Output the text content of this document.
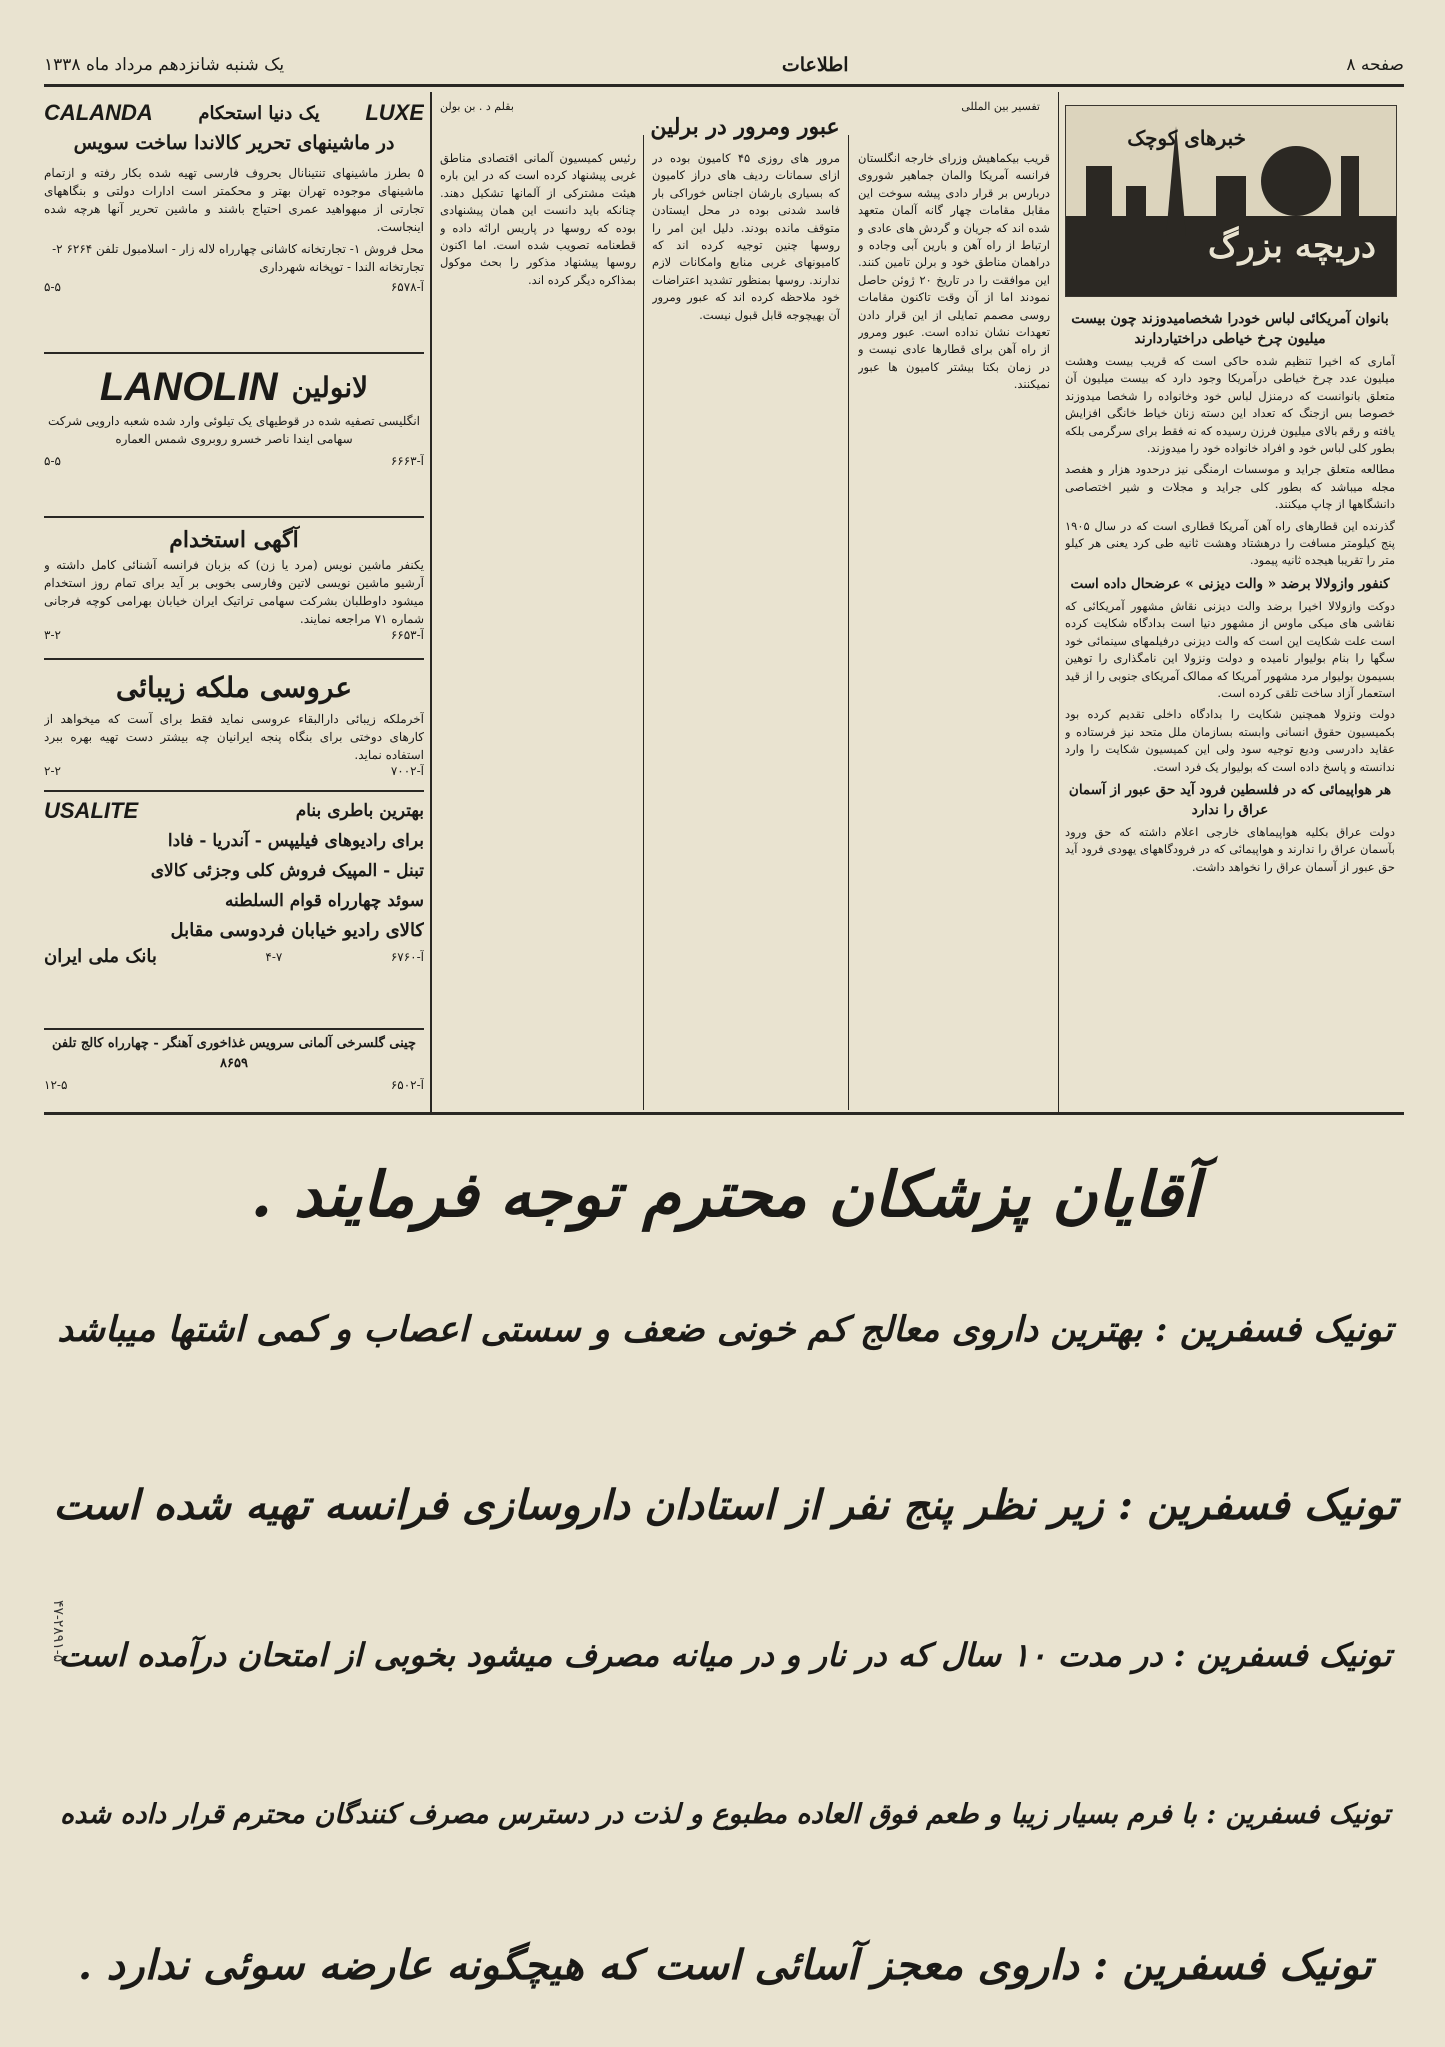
صفحه ۸
اطلاعات
یک شنبه شانزدهم مرداد ماه ۱۳۳۸
خبرهای کوچک
دریچه بزرگ
بانوان آمریکائی لباس خودرا شخصامیدوزند چون بیست میلیون چرخ خیاطی دراختیاردارند

آماری که اخیرا تنظیم شده حاکی است که قریب بیست وهشت میلیون عدد چرخ خیاطی درآمریکا وجود دارد که بیست میلیون آن متعلق بانوانست که درمنزل لباس خود وخانواده را شخصا میدوزند خصوصا بس ازجنگ که تعداد این دسته زنان خیاط خانگی افزایش یافته و رقم بالای میلیون فرزن رسیده که نه فقط برای سرگرمی بلکه بطور کلی لباس خود و افراد خانواده خود را میدوزند.

مطالعه متعلق جراید و موسسات ارمنگی نیز درحدود هزار و هفصد مجله میباشد که بطور کلی جراید و مجلات و شیر اختصاصی دانشگاهها از چاپ میکنند.

گذرنده این قطارهای راه آهن آمریکا قطاری است که در سال ۱۹۰۵ پنج کیلومتر مسافت را درهشتاد وهشت ثانیه طی کرد یعنی هر کیلو متر را تقریبا هیجده ثانیه پیمود.

کنفور وازولالا برضد « والت دیزنی » عرضحال داده است

دوکت وازولالا اخیرا برضد والت دیزنی نقاش مشهور آمریکائی که نقاشی های میکی ماوس از مشهور دنیا است بدادگاه شکایت کرده است علت شکایت این است که والت دیزنی درفیلمهای سینمائی خود سگها را بنام بولیوار نامیده و دولت ونزولا این نامگذاری را توهین بسیمون بولیوار مرد مشهور آمریکا که ممالک آمریکای جنوبی را از قید استعمار آزاد ساخت تلقی کرده است.

دولت ونزولا همچنین شکایت را بدادگاه داخلی تقدیم کرده بود بکمیسیون حقوق انسانی وابسته بسازمان ملل متحد نیز فرستاده و عقاید دادرسی ودیع توجیه سود ولی این کمیسیون شکایت را وارد ندانسته و پاسخ داده است که بولیوار یک فرد است.

هر هواپیمائی که در فلسطین فرود آید حق عبور از آسمان عراق را ندارد

دولت عراق بکلیه هواپیماهای خارجی اعلام داشته که حق ورود بآسمان عراق را ندارند و هواپیمائی که در فرودگاههای یهودی فرود آید حق عبور از آسمان عراق را نخواهد داشت.

تفسیر بین المللی
بقلم د . بن بولن
عبور ومرور در برلین
قریب بیکماهیش وزرای خارجه انگلستان فرانسه آمریکا والمان جماهیر شوروی دربارس بر قرار دادی پیشه سوخت این مقابل مقامات چهار گانه آلمان متعهد شده اند که جریان و گردش های عادی و ارتباط از راه آهن و بارین آبی وجاده و دراهمان مناطق خود و برلن تامین کنند. این موافقت را در تاریخ ۲۰ ژوئن حاصل نمودند اما از آن وقت تاکنون مقامات روسی مصمم تمایلی از این قرار دادن تعهدات نشان نداده است. عبور ومرور از راه آهن برای قطارها عادی نیست و در زمان بکتا بیشتر کامیون ها عبور نمیکنند.
مرور های روزی ۴۵ کامیون بوده در ازای سمانات ردیف های دراز کامیون که بسیاری بارشان اجناس خوراکی بار فاسد شدنی بوده در محل ایستادن متوقف مانده بودند. دلیل این امر را روسها چنین توجیه کرده اند که کامیونهای غربی منابع وامکانات لازم ندارند. روسها بمنظور تشدید اعتراضات خود ملاحظه کرده اند که عبور ومرور آن بهیچوجه قابل قبول نیست.
رئیس کمیسیون آلمانی اقتصادی مناطق غربی پیشنهاد کرده است که در این باره هیئت مشترکی از آلمانها تشکیل دهند. چنانکه باید دانست این همان پیشنهادی بوده که روسها در پاریس ارائه داده و قطعنامه تصویب شده است. اما اکنون روسها پیشنهاد مذکور را بحث موکول بمذاکره دیگر کرده اند.
LUXE
یک دنیا استحکام
CALANDA
در ماشینهای تحریر کالاندا ساخت سویس
۵ بطرز ماشینهای تنتینانال بحروف فارسی تهیه شده بکار رفته و ازتمام ماشینهای موجوده تهران بهتر و محکمتر است ادارات دولتی و بنگاههای تجارتی از مبهواهید عمری احتیاج باشند و ماشین تحریر آنها هرچه شده اینجاست.
محل فروش ۱- تجارتخانه کاشانی چهارراه لاله زار - اسلامبول تلفن ۶۲۶۴ ۲- تجارتخانه الندا - توپخانه شهرداری
آ-۶۵۷۸
۵-۵
لانولین
LANOLIN
انگلیسی تصفیه شده در قوطیهای یک تیلوئی وارد شده شعبه دارویی شرکت سهامی ایندا ناصر خسرو روبروی شمس العماره
آ-۶۶۶۳
۵-۵
آگهی استخدام
یکنفر ماشین نویس (مرد یا زن) که بزبان فرانسه آشنائی کامل داشته و آرشیو ماشین نویسی لاتین وفارسی بخوبی بر آید برای تمام روز استخدام میشود داوطلبان بشرکت سهامی تراتیک ایران خیابان بهرامی کوچه فرجانی شماره ۷۱ مراجعه نمایند.
آ-۶۶۵۳
۳-۲
عروسی ملکه زیبائی
آخرملکه زیبائی دارالبقاء عروسی نماید فقط برای آست که میخواهد از کارهای دوختی برای بنگاه پنجه ایرانیان چه بیشتر دست تهیه بهره ببرد استفاده نماید.
آ-۷۰۰۲
۲-۲
بهترین باطری بنام
USALITE
برای رادیوهای فیلیپس - آندریا - فادا
تبنل - المپیک فروش کلی وجزئی کالای
سوئد چهارراه قوام السلطنه
کالای رادیو خیابان فردوسی مقابل
آ-۶۷۶۰
۴-۷
بانک ملی ایران
چینی گلسرخی آلمانی سرویس غذاخوری آهنگر - چهارراه کالج تلفن ۸۶۵۹
آ-۶۵۰۲
۱۲-۵
آقایان پزشکان محترم توجه فرمایند .
تونیک فسفرین : بهترین داروی معالج کم خونی ضعف و سستی اعصاب و کمی اشتها میباشد
تونیک فسفرین : زیر نظر پنج نفر از استادان داروسازی فرانسه تهیه شده است
تونیک فسفرین : در مدت ۱۰ سال که در نار و در میانه مصرف میشود بخوبی از امتحان درآمده است
تونیک فسفرین : با فرم بسیار زیبا و طعم فوق العاده مطبوع و لذت در دسترس مصرف کنندگان محترم قرار داده شده
تونیک فسفرین : داروی معجز آسائی است که هیچگونه عارضه سوئی ندارد .
۴۷-۲۸۹۱-۵
